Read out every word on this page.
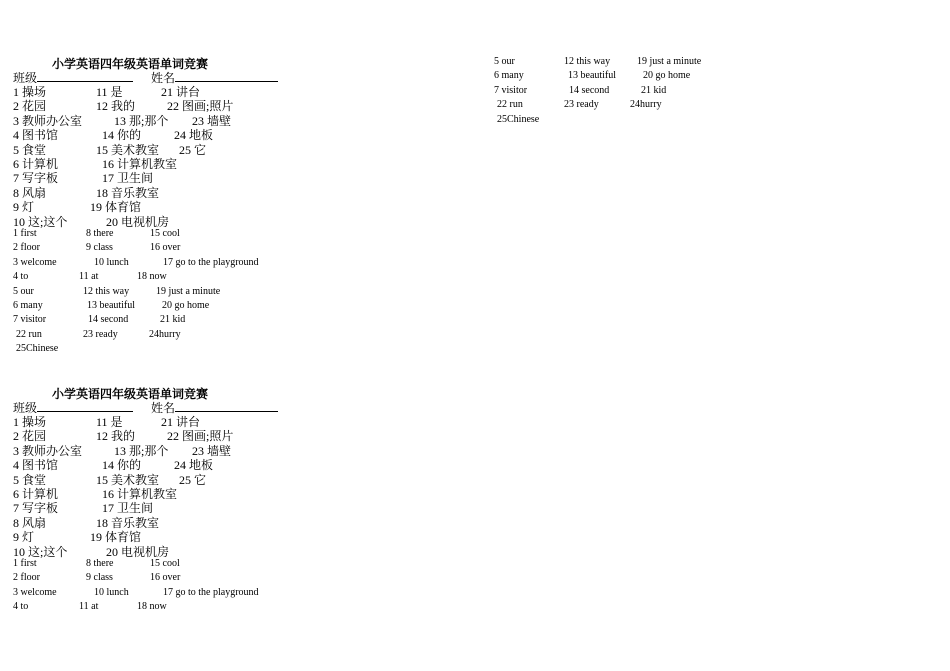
小学英语四年级英语单词竞赛
班级	姓名
1 操场	11 是	21 讲台
2 花园	12 我的	22 图画;照片
3 教师办公室	13 那;那个 23 墙壁
4 图书馆	14 你的	24 地板
5 食堂	15 美术教室 25 它
6 计算机	16 计算机教室
7 写字板	17 卫生间
8 风扇	18 音乐教室
9 灯	19 体育馆
10 这;这个	20 电视机房
1 first	8 there	15 cool
2 floor	9 class	16 over
3 welcome	10 lunch	17 go to the playground
4 to	11 at	18 now
5 our	12 this way	19 just a minute
6 many	13 beautiful	20 go home
7 visitor	14 second	21 kid
22 run	23 ready	24hurry
25Chinese
小学英语四年级英语单词竞赛
班级	姓名
1 操场	11 是	21 讲台
2 花园	12 我的	22 图画;照片
3 教师办公室	13 那;那个 23 墙壁
4 图书馆	14 你的	24 地板
5 食堂	15 美术教室 25 它
6 计算机	16 计算机教室
7 写字板	17 卫生间
8 风扇	18 音乐教室
9 灯	19 体育馆
10 这;这个	20 电视机房
1 first	8 there	15 cool
2 floor	9 class	16 over
3 welcome	10 lunch	17 go to the playground
4 to	11 at	18 now
5 our	12 this way	19 just a minute
6 many	13 beautiful	20 go home
7 visitor	14 second	21 kid
22 run	23 ready	24hurry
25Chinese
